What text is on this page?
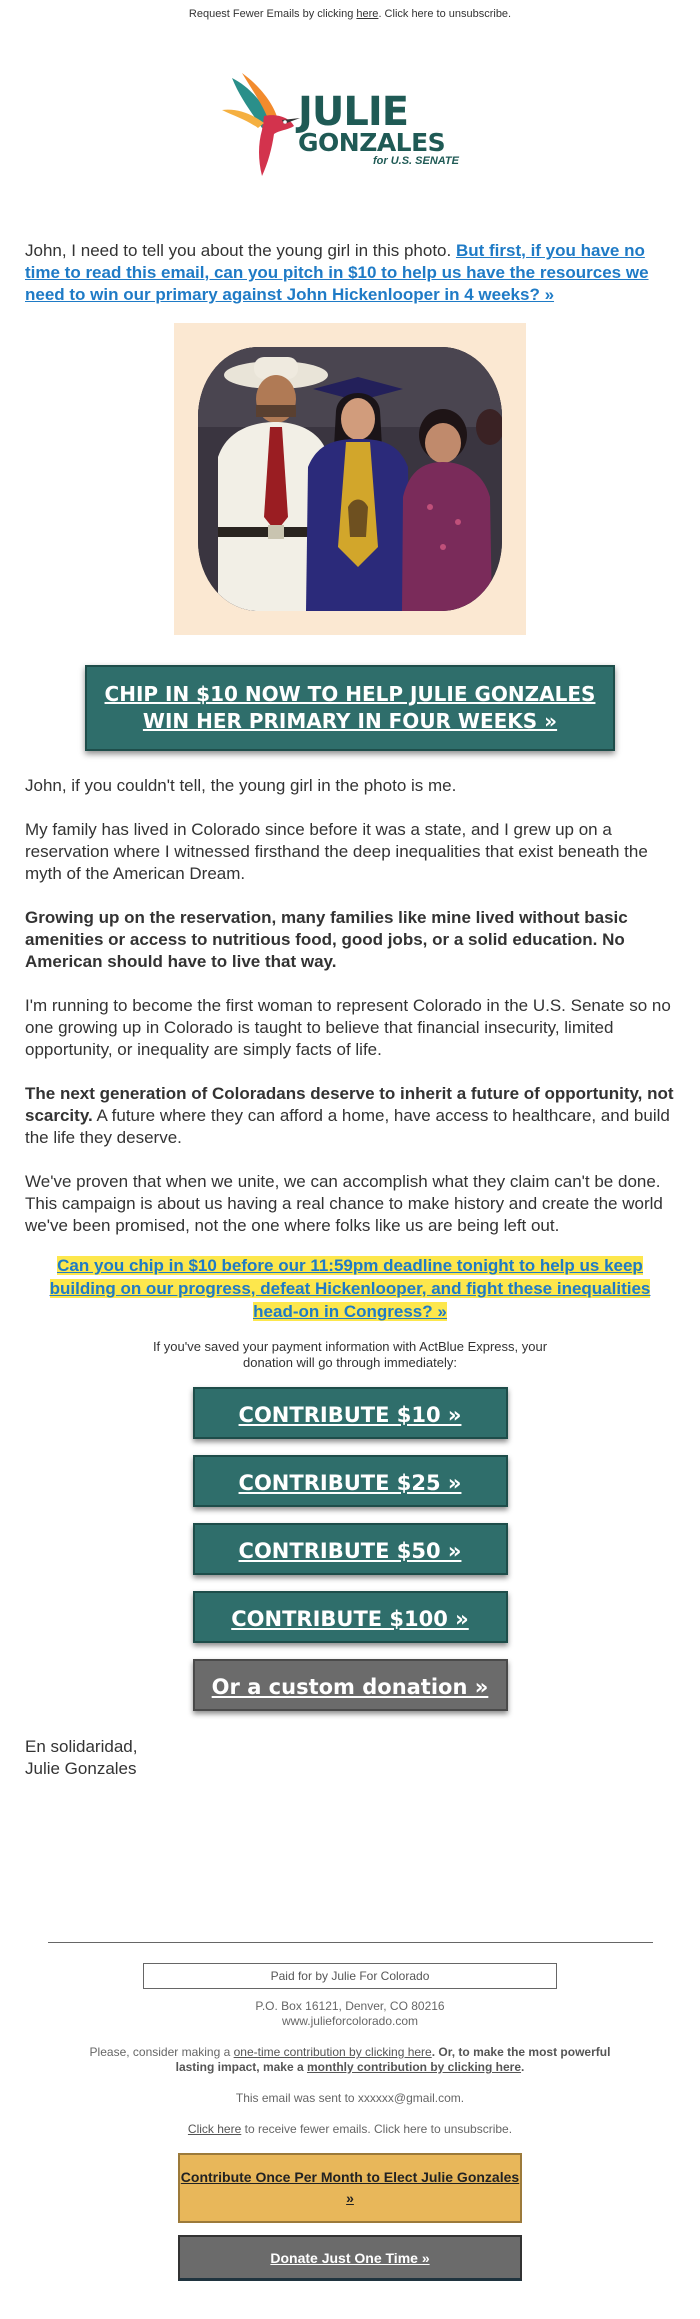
Request Fewer Emails by clicking here. Click here to unsubscribe.
JULIE
GONZALES
for U.S. SENATE
John, I need to tell you about the young girl in this photo. But first, if you have no time to read this email, can you pitch in $10 to help us have the resources we need to win our primary against John Hickenlooper in 4 weeks? »
CHIP IN $10 NOW TO HELP JULIE GONZALES WIN HER PRIMARY IN FOUR WEEKS »

John, if you couldn't tell, the young girl in the photo is me.

My family has lived in Colorado since before it was a state, and I grew up on a reservation where I witnessed firsthand the deep inequalities that exist beneath the myth of the American Dream.

Growing up on the reservation, many families like mine lived without basic amenities or access to nutritious food, good jobs, or a solid education. No American should have to live that way.

I'm running to become the first woman to represent Colorado in the U.S. Senate so no one growing up in Colorado is taught to believe that financial insecurity, limited opportunity, or inequality are simply facts of life.

The next generation of Coloradans deserve to inherit a future of opportunity, not scarcity. A future where they can afford a home, have access to healthcare, and build the life they deserve.

We've proven that when we unite, we can accomplish what they claim can't be done. This campaign is about us having a real chance to make history and create the world we've been promised, not the one where folks like us are being left out.

Can you chip in $10 before our 11:59pm deadline tonight to help us keep building on our progress, defeat Hickenlooper, and fight these inequalities head-on in Congress? »
If you've saved your payment information with ActBlue Express, your donation will go through immediately:
CONTRIBUTE $10 »
CONTRIBUTE $25 »
CONTRIBUTE $50 »
CONTRIBUTE $100 »
Or a custom donation »
En solidaridad,
Julie Gonzales
Paid for by Julie For Colorado
P.O. Box 16121, Denver, CO 80216
www.julieforcolorado.com
Please, consider making a one-time contribution by clicking here. Or, to make the most powerful lasting impact, make a monthly contribution by clicking here.
This email was sent to xxxxxx@gmail.com.
Click here to receive fewer emails. Click here to unsubscribe.
Contribute Once Per Month to Elect Julie Gonzales »
Donate Just One Time »
